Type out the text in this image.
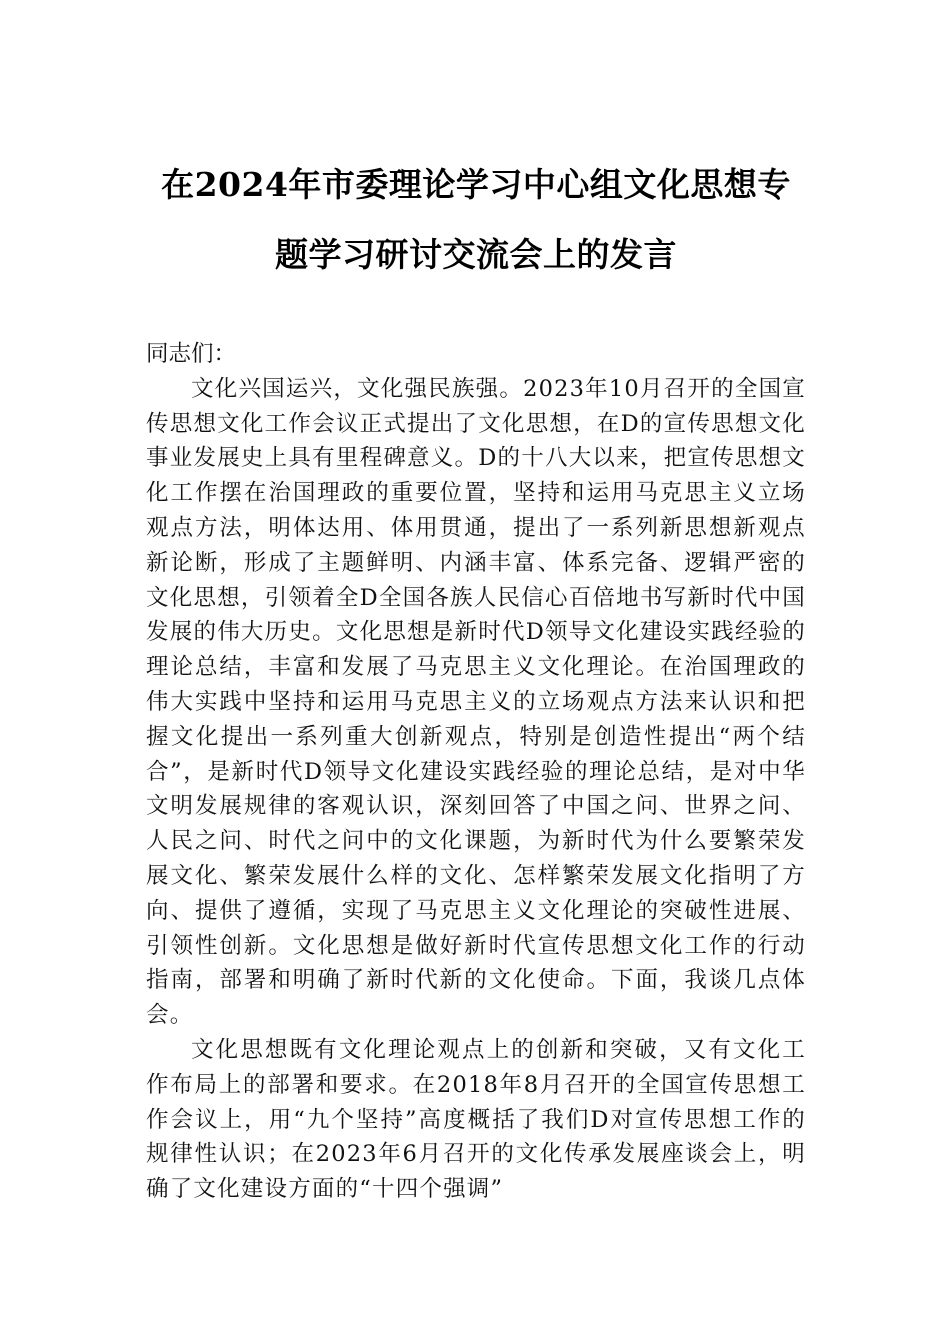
在2024年市委理论学习中心组文化思想专
题学习研讨交流会上的发言

同志们：

文化兴国运兴，文化强民族强。2023年10月召开的全国宣传思想文化工作会议正式提出了文化思想，在D的宣传思想文化事业发展史上具有里程碑意义。D的十八大以来，把宣传思想文化工作摆在治国理政的重要位置，坚持和运用马克思主义立场观点方法，明体达用、体用贯通，提出了一系列新思想新观点新论断，形成了主题鲜明、内涵丰富、体系完备、逻辑严密的文化思想，引领着全D全国各族人民信心百倍地书写新时代中国发展的伟大历史。文化思想是新时代D领导文化建设实践经验的理论总结，丰富和发展了马克思主义文化理论。在治国理政的伟大实践中坚持和运用马克思主义的立场观点方法来认识和把握文化提出一系列重大创新观点，特别是创造性提出“两个结合”，是新时代D领导文化建设实践经验的理论总结，是对中华文明发展规律的客观认识，深刻回答了中国之问、世界之问、人民之问、时代之问中的文化课题，为新时代为什么要繁荣发展文化、繁荣发展什么样的文化、怎样繁荣发展文化指明了方向、提供了遵循，实现了马克思主义文化理论的突破性进展、引领性创新。文化思想是做好新时代宣传思想文化工作的行动指南，部署和明确了新时代新的文化使命。下面，我谈几点体会。

文化思想既有文化理论观点上的创新和突破，又有文化工作布局上的部署和要求。在2018年8月召开的全国宣传思想工作会议上，用“九个坚持”高度概括了我们D对宣传思想工作的规律性认识；在2023年6月召开的文化传承发展座谈会上，明确了文化建设方面的“十四个强调”
